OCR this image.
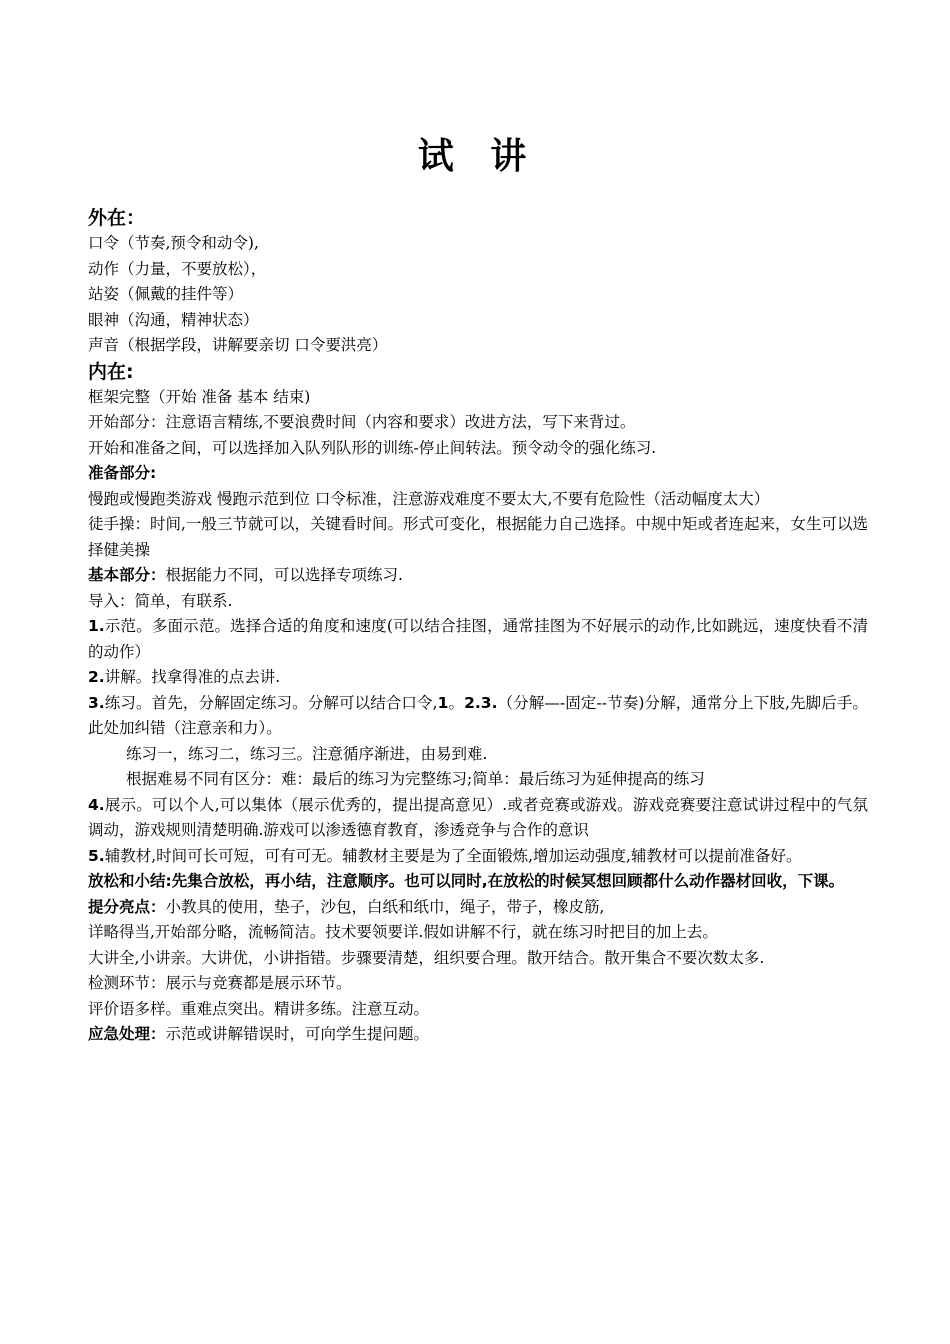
试 讲
外在：

口令（节奏,预令和动令),

动作（力量，不要放松），

站姿（佩戴的挂件等）

眼神（沟通，精神状态）

声音（根据学段，讲解要亲切 口令要洪亮）

内在:

框架完整（开始 准备 基本 结束)

开始部分：注意语言精练,不要浪费时间（内容和要求）改进方法，写下来背过。

开始和准备之间，可以选择加入队列队形的训练-停止间转法。预令动令的强化练习.

准备部分:

慢跑或慢跑类游戏 慢跑示范到位 口令标准，注意游戏难度不要太大,不要有危险性（活动幅度太大）

徒手操：时间,一般三节就可以，关键看时间。形式可变化，根据能力自己选择。中规中矩或者连起来，女生可以选择健美操

基本部分：根据能力不同，可以选择专项练习.

导入：简单，有联系.

1.示范。多面示范。选择合适的角度和速度(可以结合挂图，通常挂图为不好展示的动作,比如跳远，速度快看不清的动作）

2.讲解。找拿得准的点去讲.

3.练习。首先，分解固定练习。分解可以结合口令,1。2.3.（分解—-固定--节奏)分解，通常分上下肢,先脚后手。此处加纠错（注意亲和力）。

练习一，练习二，练习三。注意循序渐进，由易到难.

根据难易不同有区分：难：最后的练习为完整练习;简单：最后练习为延伸提高的练习

4.展示。可以个人,可以集体（展示优秀的，提出提高意见）.或者竞赛或游戏。游戏竞赛要注意试讲过程中的气氛调动，游戏规则清楚明确.游戏可以渗透德育教育，渗透竞争与合作的意识

5.辅教材,时间可长可短，可有可无。辅教材主要是为了全面锻炼,增加运动强度,辅教材可以提前准备好。

放松和小结:先集合放松，再小结，注意顺序。也可以同时,在放松的时候冥想回顾都什么动作器材回收，下课。

提分亮点：小教具的使用，垫子，沙包，白纸和纸巾，绳子，带子，橡皮筋,

详略得当,开始部分略，流畅简洁。技术要领要详.假如讲解不行，就在练习时把目的加上去。

大讲全,小讲亲。大讲优，小讲指错。步骤要清楚，组织要合理。散开结合。散开集合不要次数太多.

检测环节：展示与竞赛都是展示环节。

评价语多样。重难点突出。精讲多练。注意互动。

应急处理：示范或讲解错误时，可向学生提问题。
